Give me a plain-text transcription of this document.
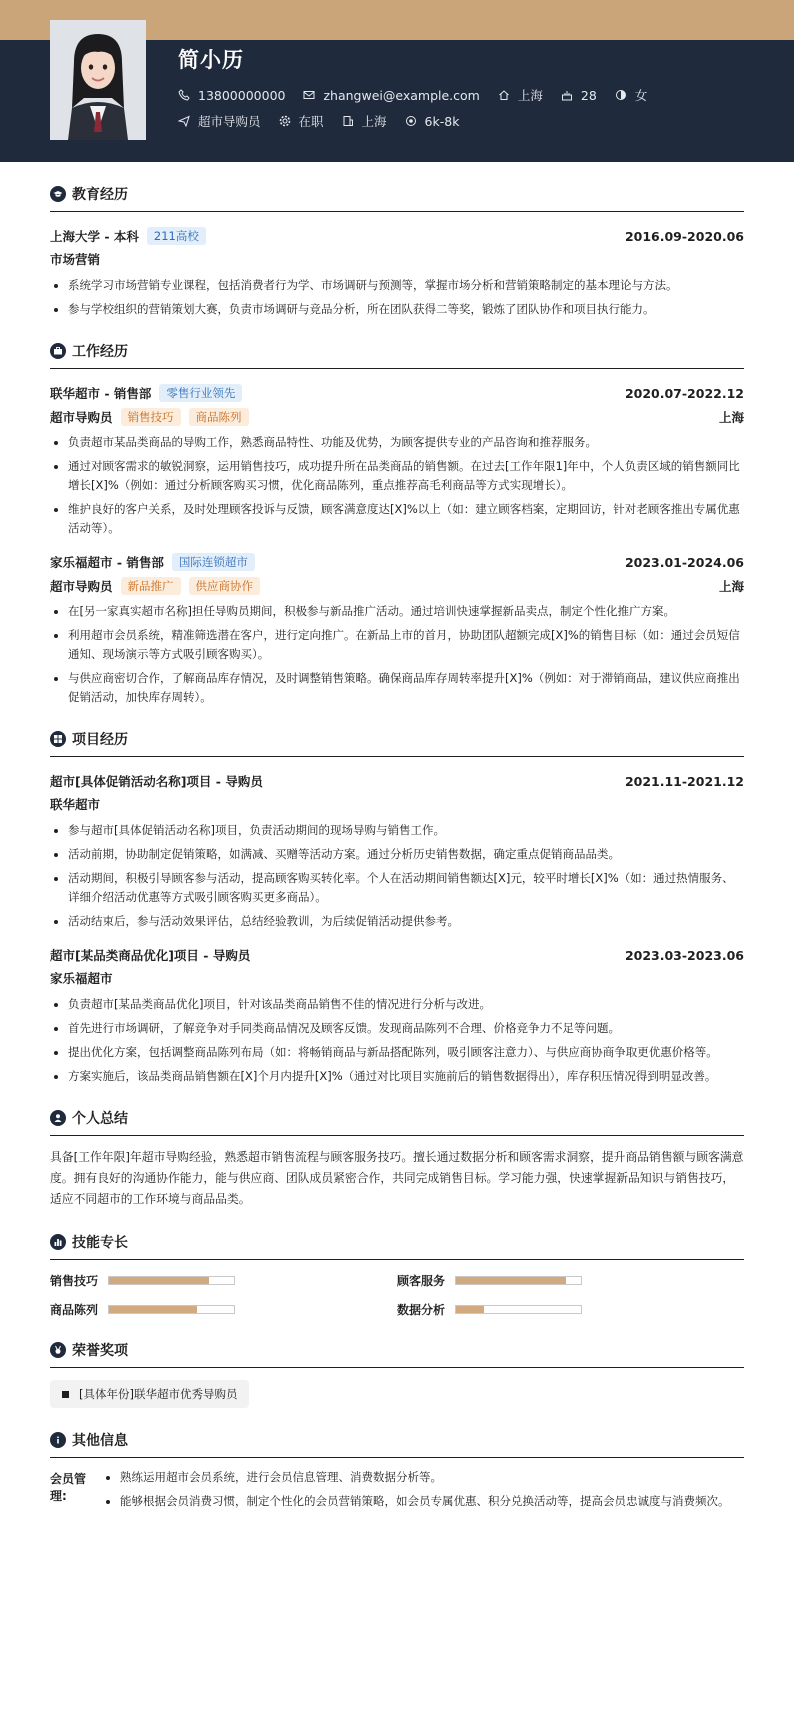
简小历
13800000000	zhangwei@example.com	上海	28	女
超市导购员	在职	上海	6k-8k
教育经历
上海大学 - 本科	211高校	2016.09-2020.06
市场营销
• 系统学习市场营销专业课程，包括消费者行为学、市场调研与预测等，掌握市场分析和营销策略制定的基本理论与方法。
• 参与学校组织的营销策划大赛，负责市场调研与竞品分析，所在团队获得二等奖，锻炼了团队协作和项目执行能力。
工作经历
联华超市 - 销售部	零售行业领先	2020.07-2022.12
超市导购员	销售技巧	商品陈列	上海
• 负责超市某品类商品的导购工作，熟悉商品特性、功能及优势，为顾客提供专业的产品咨询和推荐服务。
• 通过对顾客需求的敏锐洞察，运用销售技巧，成功提升所在品类商品的销售额。在过去[工作年限1]年中，个人负责区域的销售额同比增长[X]%（例如：通过分析顾客购买习惯，优化商品陈列，重点推荐高毛利商品等方式实现增长）。
• 维护良好的客户关系，及时处理顾客投诉与反馈，顾客满意度达[X]%以上（如：建立顾客档案，定期回访，针对老顾客推出专属优惠活动等）。
家乐福超市 - 销售部	国际连锁超市	2023.01-2024.06
超市导购员	新品推广	供应商协作	上海
• 在[另一家真实超市名称]担任导购员期间，积极参与新品推广活动。通过培训快速掌握新品卖点，制定个性化推广方案。
• 利用超市会员系统，精准筛选潜在客户，进行定向推广。在新品上市的首月，协助团队超额完成[X]%的销售目标（如：通过会员短信通知、现场演示等方式吸引顾客购买）。
• 与供应商密切合作，了解商品库存情况，及时调整销售策略。确保商品库存周转率提升[X]%（例如：对于滞销商品，建议供应商推出促销活动，加快库存周转）。
项目经历
超市[具体促销活动名称]项目 - 导购员	2021.11-2021.12
联华超市
• 参与超市[具体促销活动名称]项目，负责活动期间的现场导购与销售工作。
• 活动前期，协助制定促销策略，如满减、买赠等活动方案。通过分析历史销售数据，确定重点促销商品品类。
• 活动期间，积极引导顾客参与活动，提高顾客购买转化率。个人在活动期间销售额达[X]元，较平时增长[X]%（如：通过热情服务、详细介绍活动优惠等方式吸引顾客购买更多商品）。
• 活动结束后，参与活动效果评估，总结经验教训，为后续促销活动提供参考。
超市[某品类商品优化]项目 - 导购员	2023.03-2023.06
家乐福超市
• 负责超市[某品类商品优化]项目，针对该品类商品销售不佳的情况进行分析与改进。
• 首先进行市场调研，了解竞争对手同类商品情况及顾客反馈。发现商品陈列不合理、价格竞争力不足等问题。
• 提出优化方案，包括调整商品陈列布局（如：将畅销商品与新品搭配陈列，吸引顾客注意力）、与供应商协商争取更优惠价格等。
• 方案实施后，该品类商品销售额在[X]个月内提升[X]%（通过对比项目实施前后的销售数据得出），库存积压情况得到明显改善。
个人总结
具备[工作年限]年超市导购经验，熟悉超市销售流程与顾客服务技巧。擅长通过数据分析和顾客需求洞察，提升商品销售额与顾客满意度。拥有良好的沟通协作能力，能与供应商、团队成员紧密合作，共同完成销售目标。学习能力强，快速掌握新品知识与销售技巧，适应不同超市的工作环境与商品品类。
技能专长
销售技巧	顾客服务
商品陈列	数据分析
荣誉奖项
[具体年份]联华超市优秀导购员
其他信息
会员管理:
• 熟练运用超市会员系统，进行会员信息管理、消费数据分析等。
• 能够根据会员消费习惯，制定个性化的会员营销策略，如会员专属优惠、积分兑换活动等，提高会员忠诚度与消费频次。
